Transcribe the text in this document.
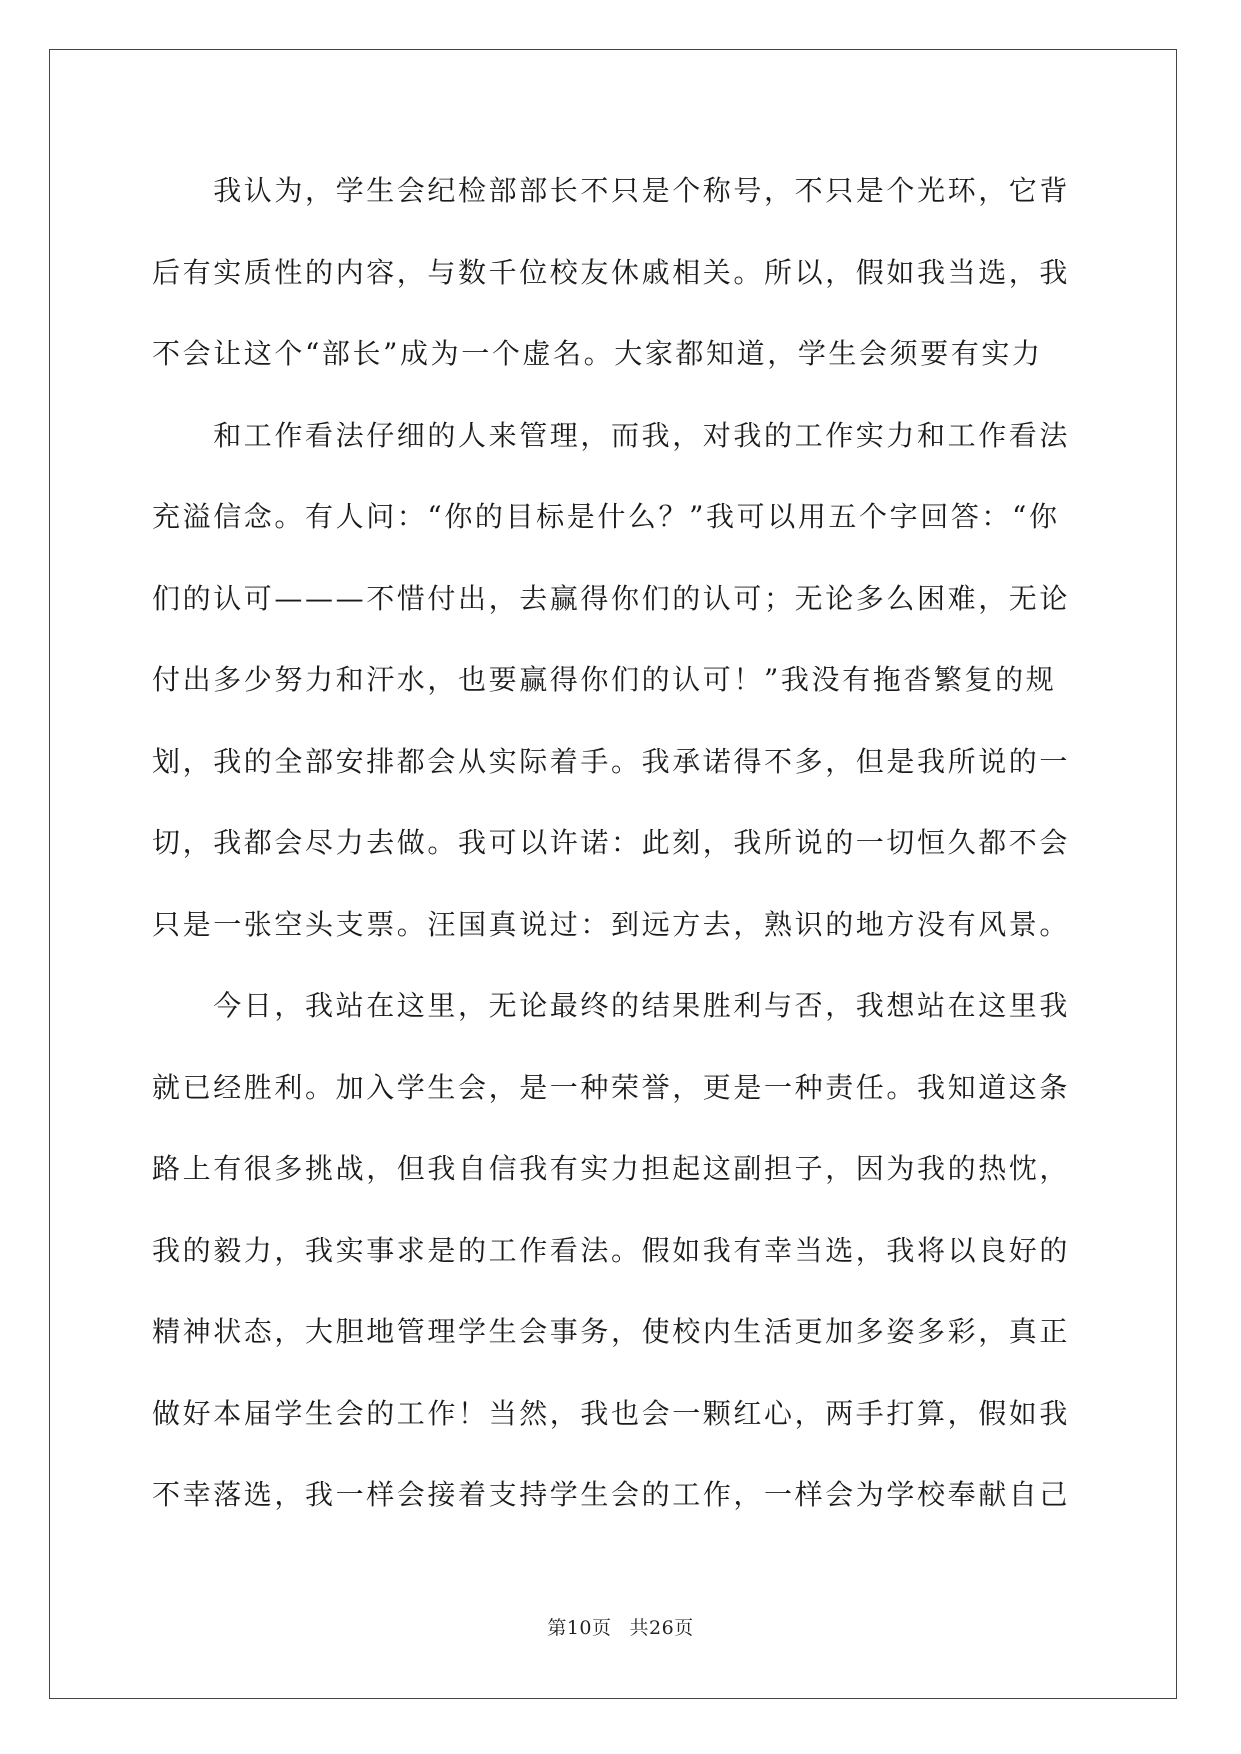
　　我认为，学生会纪检部部长不只是个称号，不只是个光环，它背
后有实质性的内容，与数千位校友休戚相关。所以，假如我当选，我
不会让这个“部长”成为一个虚名。大家都知道，学生会须要有实力
　　和工作看法仔细的人来管理，而我，对我的工作实力和工作看法
充溢信念。有人问：“你的目标是什么？”我可以用五个字回答：“你
们的认可———不惜付出，去赢得你们的认可；无论多么困难，无论
付出多少努力和汗水，也要赢得你们的认可！”我没有拖沓繁复的规
划，我的全部安排都会从实际着手。我承诺得不多，但是我所说的一
切，我都会尽力去做。我可以许诺：此刻，我所说的一切恒久都不会
只是一张空头支票。汪国真说过：到远方去，熟识的地方没有风景。
　　今日，我站在这里，无论最终的结果胜利与否，我想站在这里我
就已经胜利。加入学生会，是一种荣誉，更是一种责任。我知道这条
路上有很多挑战，但我自信我有实力担起这副担子，因为我的热忱，
我的毅力，我实事求是的工作看法。假如我有幸当选，我将以良好的
精神状态，大胆地管理学生会事务，使校内生活更加多姿多彩，真正
做好本届学生会的工作！当然，我也会一颗红心，两手打算，假如我
不幸落选，我一样会接着支持学生会的工作，一样会为学校奉献自己
第10页 共26页
